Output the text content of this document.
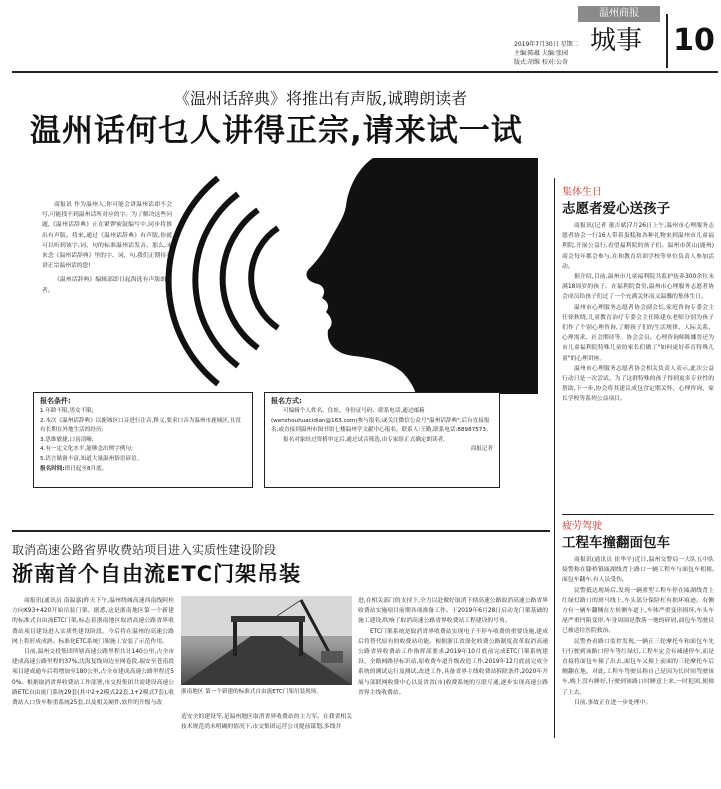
温州商报
城事 10
2019年7月30日 星期二
主编:陈蕴 夫编:张园
版式:胡维 校对:公奇
《温州话辞典》将推出有声版,诚聘朗读者
温州话何乜人讲得正宗,请来试一试

商报讯 作为温州人,你可能会讲温州话却不会写,可能找不到温州话所对应的字。为了解决这些问题,《温州话辞典》正在紧锣密鼓编写中,同步将推出有声版。将来,通过《温州话辞典》有声版,你就可以听到该字,词、句的标准温州话发音。那么,未来念《温州话辞典》里的字、词、句,我们正期待着讲正宗温州话的您!

《温州话辞典》编辑部即日起海选有声版朗读者。

报名条件:
1.年龄不限,男女不限;
2.本次《温州话辞典》以鹿城区口音进行注音,释义,要求口音为温州市鹿城区,且没有长期在外地生活的经历;
3.思维敏捷,口齿清晰;
4.有一定文化水平,能够念出例字例句;
5.语言储备丰富,知道大量温州俗语谚语。
报名时间:即日起至8月底。
报名方式:
可编辑个人姓名、住址、身份证号码、联系电话,通过邮箱(wenzhouhuacidian@163.com)参与报名;或关注微信公众号"温州话辞典",后台直接报名;或直接到温州市图书馆七楼温州学文献中心报名。联系人:王勤,联系电话:88987573。
报名对象经过资格审定后,通过试音筛选,由专家组正式确定朗读者。
商报记者
集体生日
志愿者爱心送孩子

商报讯(记者 董吉斌)7月26日上午,温州市心理服务志愿者协会一行16人带着蛋糕和各种礼物来到温州市儿童福利院,开展公益行,看望福利院的孩子们。温州市黄山(鹿州)商会每年都会参与,在和教育培训学校等单位负责人参加活动。

据介绍,目前,温州市儿童福利院共监护抚养300余位未满18周岁的孩子。在福利院食堂,温州市心理服务志愿者协会成员给孩子们过了一个充满关怀而又温馨的集体生日。

温州市心理服务志愿者协会副会长,家庭咨询专委会主任徐秋晓,儿童教育治疗专委会主任陈建东老师分别为孩子们作了个别心理咨询,了解孩子们的生活规律、人际关系、心理需求、社会期待等。协会会员、心理咨询师陈娜晋还为市儿童福利院特殊儿童的家长们做了"如何更好养育特殊儿童"的心理讲座。

温州市心理服务志愿者协会相关负责人表示,此次公益行动只是一次尝试。为了这群特殊的孩子得到更多专业性的帮助,下一步,协会将其建议成包含定期关怀、心理咨询、家长学校等系列公益项目。

疲劳驾驶
工程车撞翻面包车

商报讯(通讯员 崔华平)近日,温州交警局一大队五中队接警称在滕桥镇瓯湖线背上路口一辆工程车与面包车相撞,面包车翻车,有人员受伤。

民警抵达现场后,发现一辆重型工程车停在瓯湖线背上红绿灯路口的斑马线上,车头部分保险杠有损坏痕迹。有侧方有一辆车翻侧在左转侧车道上,车体严重变形损坏,车头车尾严重凹陷变形,车身周围是散落一地的碎屑,面包车驾驶员已被送往医院救治。

民警查看路口监控发现,一辆正三轮摩托车和面包车先行行驶到该路口停车等红绿灯,工程车定会有减速停车,而是直接将面包车撞了出去,面包车又撞上前面的三轮摩托车后侧翻在地。对此,工程车驾驶员称自己是因为长时间驾驶该车,晚上没有睡好,行驶到该路口时睡意上来,一时犯困,便撞了上去。

目前,事故正在进一步处理中。

取消高速公路省界收费站项目进入实质性建设阶段
浙南首个自由流ETC门架吊装

商报讯(通讯员 南温嘉)昨天下午,温州绕城高速西南线阿桂方向K93+420开始吊装门架。据悉,这是浙南地区第一个新建的标准式自由流ETC门架,标志着浙南地区取消高速公路省界收费站项目建设进入实质性建设阶段。今后将在温州的高速公路网上将形成成熟、标准化ETC系统门架施工安装了示范作用。

目前,温州交投集团所辖高速公路里程共计140公里,占全市建成高速公路里程的37%,沈海复线周边至网卷段,瑞安至苍南段项目建成通车后将增加至180公里,占全市建成高速公路里程近50%。根据取消省界收费站工作部署,市交投集团共需建设高速公路ETC自由流门系统29套(其中2+2模式22套,1+2模式7套),收费站入口货车称重系统25套,以及相关硬件,软件的升级与改

浙南地区 第一个新建的标准式自由流ETC门架吊装现场。
造安全的建设等,是温州地区取消省界收费站的主力军。在我省相关技术规范尚未明确的情况下,市交集团运营公司提前谋划,多线并

进,在相关部门的支持下,全力以赴做好取消下辖高速公路取消高速公路省界收费站实施项目前期各项准备工作。于2019年6月28日启动龙门架基础的施工建设,吹响了取消高速公路省界收费站工程建设的号角。

ETC门架系统是取消省界收费站实现电子不停车收费的重要设施,建成后将替代原有的收费站功能。根据浙江省深化收费公路制度改革取消高速公路省界收费站工作指挥部要求,2019年10月底前完成ETC门架系统建设、全路网路径标识站,原收费车道升级改造工作,2019年12月底前完成全系统的测试运行及测试,改进工作,具备省界主线收费站拆除条件,2020年开展与部联网收费中心以及省省(市)收费系统的互联互通,逐步实现高速公路省界主线收费站。
